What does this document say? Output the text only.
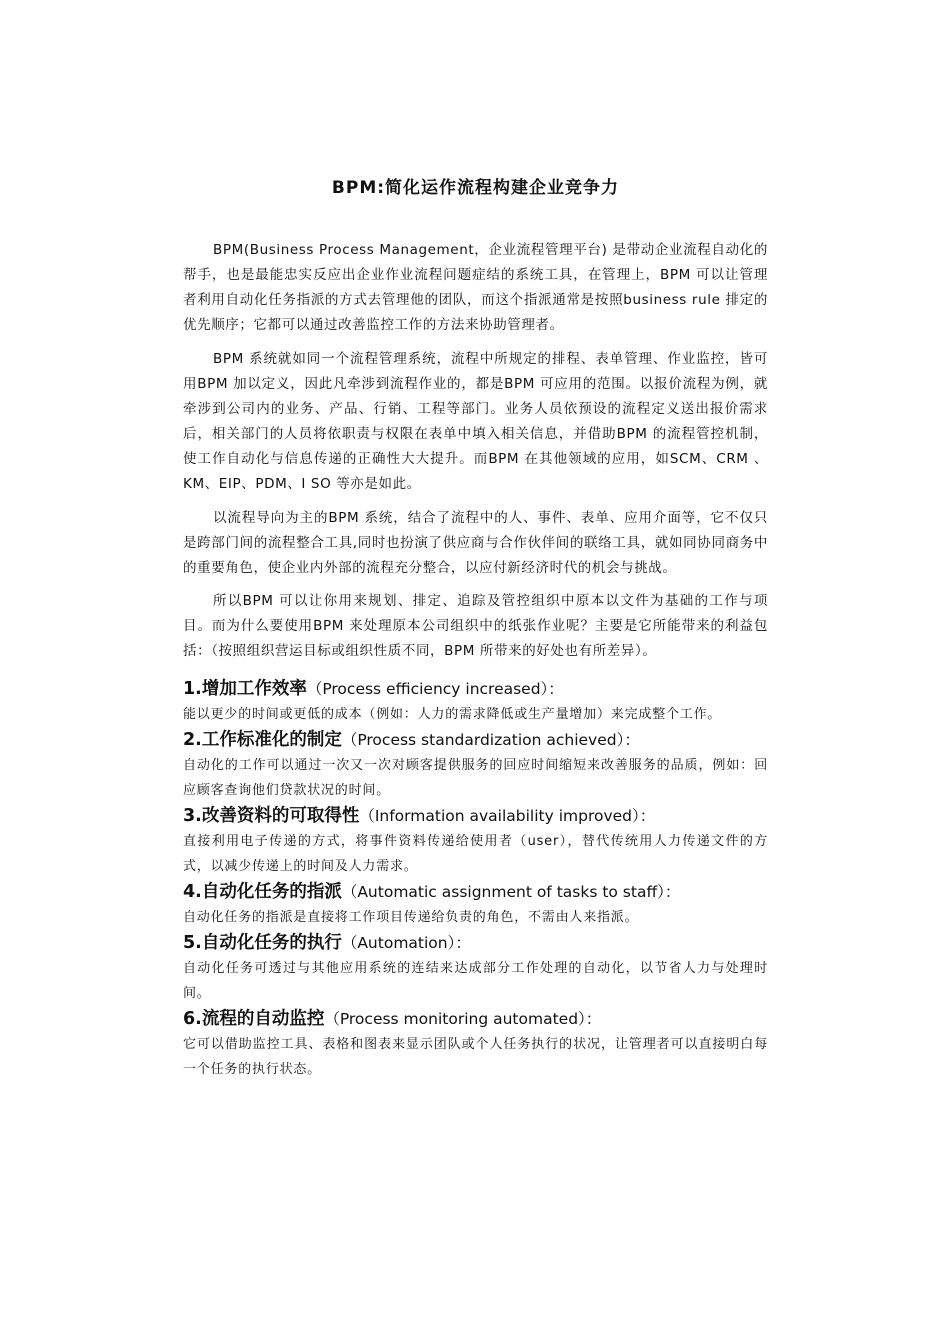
BPM:简化运作流程构建企业竞争力

BPM(Business Process Management，企业流程管理平台) 是带动企业流程自动化的帮手，也是最能忠实反应出企业作业流程问题症结的系统工具，在管理上，BPM 可以让管理者利用自动化任务指派的方式去管理他的团队，而这个指派通常是按照business rule 排定的优先顺序；它都可以通过改善监控工作的方法来协助管理者。

BPM 系统就如同一个流程管理系统，流程中所规定的排程、表单管理、作业监控，皆可用BPM 加以定义，因此凡牵涉到流程作业的，都是BPM 可应用的范围。以报价流程为例，就牵涉到公司内的业务、产品、行销、工程等部门。业务人员依预设的流程定义送出报价需求后，相关部门的人员将依职责与权限在表单中填入相关信息，并借助BPM 的流程管控机制，使工作自动化与信息传递的正确性大大提升。而BPM 在其他领域的应用，如SCM、CRM 、KM、EIP、PDM、I SO 等亦是如此。

以流程导向为主的BPM 系统，结合了流程中的人、事件、表单、应用介面等，它不仅只是跨部门间的流程整合工具,同时也扮演了供应商与合作伙伴间的联络工具，就如同协同商务中的重要角色，使企业内外部的流程充分整合，以应付新经济时代的机会与挑战。

所以BPM 可以让你用来规划、排定、追踪及管控组织中原本以文件为基础的工作与项目。而为什么要使用BPM 来处理原本公司组织中的纸张作业呢？主要是它所能带来的利益包括：（按照组织营运目标或组织性质不同，BPM 所带来的好处也有所差异）。

1.增加工作效率（Process efficiency increased）：

能以更少的时间或更低的成本（例如：人力的需求降低或生产量增加）来完成整个工作。

2.工作标准化的制定（Process standardization achieved）：

自动化的工作可以通过一次又一次对顾客提供服务的回应时间缩短来改善服务的品质，例如：回应顾客查询他们贷款状况的时间。

3.改善资料的可取得性（Information availability improved）：

直接利用电子传递的方式，将事件资料传递给使用者（user），替代传统用人力传递文件的方式，以减少传递上的时间及人力需求。

4.自动化任务的指派（Automatic assignment of tasks to staff）：

自动化任务的指派是直接将工作项目传递给负责的角色，不需由人来指派。

5.自动化任务的执行（Automation）：

自动化任务可透过与其他应用系统的连结来达成部分工作处理的自动化，以节省人力与处理时间。

6.流程的自动监控（Process monitoring automated）：

它可以借助监控工具、表格和图表来显示团队或个人任务执行的状况，让管理者可以直接明白每一个任务的执行状态。
